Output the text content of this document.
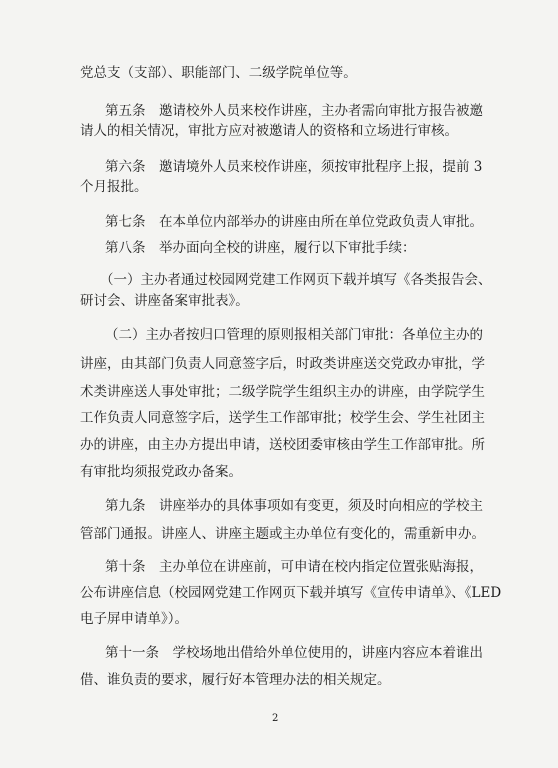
党总支（支部）、职能部门、二级学院单位等。
第五条　邀请校外人员来校作讲座，主办者需向审批方报告被邀
请人的相关情况，审批方应对被邀请人的资格和立场进行审核。
第六条　邀请境外人员来校作讲座，须按审批程序上报，提前 3
个月报批。
第七条　在本单位内部举办的讲座由所在单位党政负责人审批。
第八条　举办面向全校的讲座，履行以下审批手续：
（一）主办者通过校园网党建工作网页下载并填写《各类报告会、
研讨会、讲座备案审批表》。
（二）主办者按归口管理的原则报相关部门审批：各单位主办的
讲座，由其部门负责人同意签字后，时政类讲座送交党政办审批，学
术类讲座送人事处审批；二级学院学生组织主办的讲座，由学院学生
工作负责人同意签字后，送学生工作部审批；校学生会、学生社团主
办的讲座，由主办方提出申请，送校团委审核由学生工作部审批。所
有审批均须报党政办备案。
第九条　讲座举办的具体事项如有变更，须及时向相应的学校主
管部门通报。讲座人、讲座主题或主办单位有变化的，需重新申办。
第十条　主办单位在讲座前，可申请在校内指定位置张贴海报，
公布讲座信息（校园网党建工作网页下载并填写《宣传申请单》、《LED
电子屏申请单》）。
第十一条　学校场地出借给外单位使用的，讲座内容应本着谁出
借、谁负责的要求，履行好本管理办法的相关规定。
2
